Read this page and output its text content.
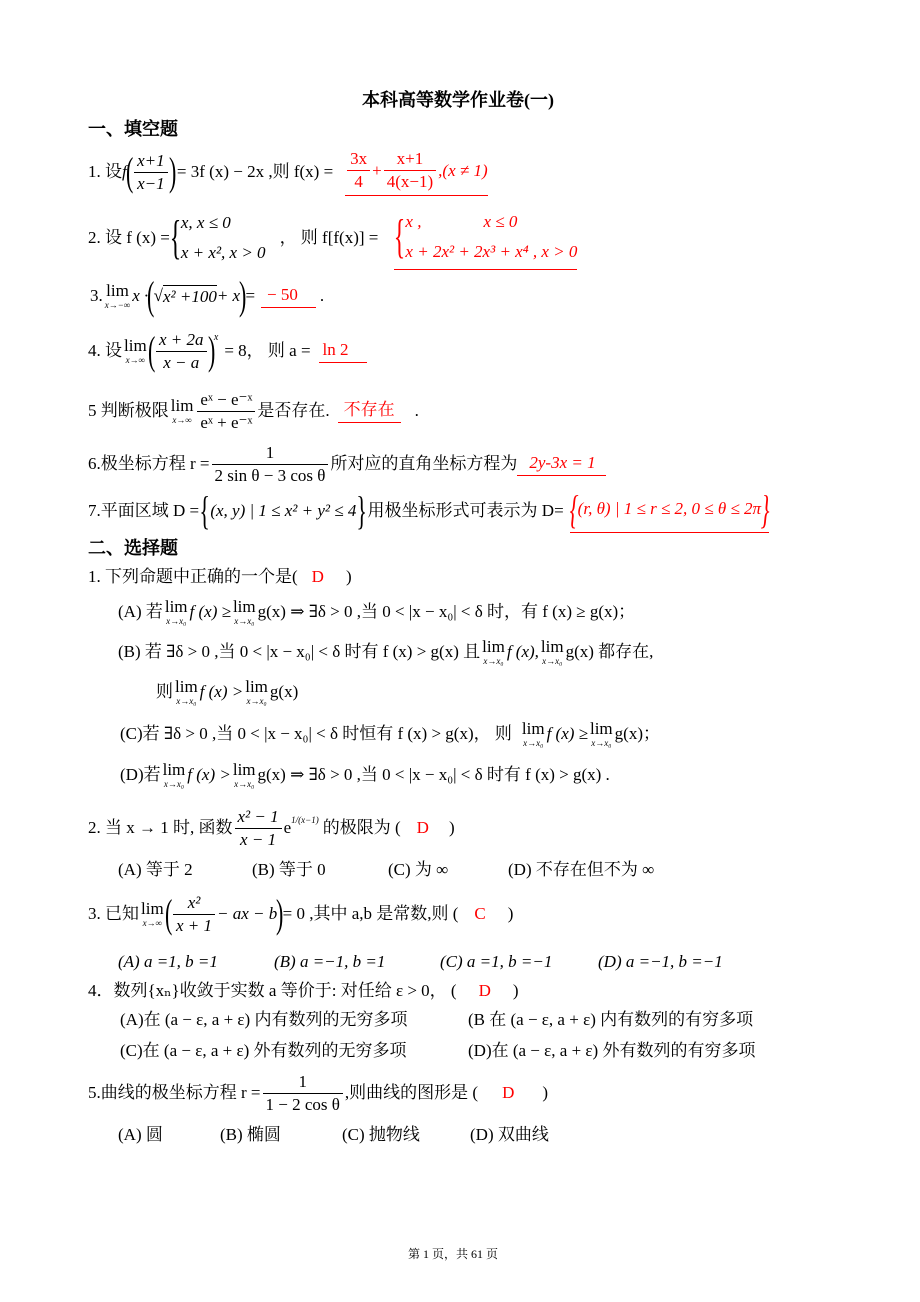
本科高等数学作业卷(一)
一、填空题
1. 设 f
( $\frac{x+1}{x-1}$ ) = 3f (x) − 2x ,则 $f(x) = \frac{3x}{4} + \frac{x+1}{4(x-1)} ,(x \ne 1)$
2. 设 f (x) = { x, x ≤ 0
x + x², x > 0
， 则 f[f(x)] = { x ,	x ≤ 0
x + 2x² + 2x³ + x⁴ , x > 0
3. lim
x→−∞ x ·
(
√ x² +100 + x
)
= − 50	.
4. 设 lim
x→∞ ( $\frac{x + 2a}{x - a}$ )
x
= 8， 则 a = ln 2
5 判断极限 lim
$x\to\infty \frac{\text{eˣ − e⁻ˣ}}{\text{eˣ + e⁻ˣ}}$ 是否存在. 不存在	.
6.极坐标方程 $r = \frac{1}{\text{2 sin θ − 3 cos θ}}$ 所对应的直角坐标方程为 2y-3x = 1
7.平面区域 D = { (x, y) | 1 ≤ x² + y² ≤ 4 } 用极坐标形式可表示为 D= {(r, θ) | 1 ≤ r ≤ 2, 0 ≤ θ ≤ 2π}
二、选择题
1. 下列命题中正确的一个是( D )
(A) 若 lim
x→x₀ f (x) ≥ lim
x→x₀ g(x) ⇒ ∃δ > 0 ,当 0 < |x − x₀| < δ 时，有 f (x) ≥ g(x)；
(B) 若 ∃δ > 0 ,当 0 < |x − x₀| < δ 时有 f (x) > g(x) 且 lim
x→x₀ f (x), lim
x→x₀ g(x) 都存在,
则 lim
x→x₀ f (x) > lim
x→x₀ g(x)
(C)若 ∃δ > 0 ,当 0 < |x − x₀| < δ 时恒有 f (x) > g(x)， 则 lim
x→x₀ f (x) ≥ lim
x→x₀ g(x)；
(D)若 lim
x→x₀ f (x) > lim
x→x₀ g(x) ⇒ ∃δ > 0 ,当 0 < |x − x₀| < δ 时有 f (x) > g(x) .
2. 当 x → 1 时, 函数 $\frac{\text{x² − 1}}{x - 1} e^{1/(x-1)}$ 的极限为 ( D )
(A) 等于 2	(B) 等于 0	(C) 为 ∞	(D) 不存在但不为 ∞
3. 已知 lim
x→∞ ( $\frac{\text{x²}}{x + 1}$ − ax − b
)
= 0 ,其中 a,b 是常数,则 ( C )
(A) a =1, b =1	(B) a =−1, b =1	(C) a =1, b =−1	(D) a =−1, b =−1
4．数列{xₙ}收敛于实数 a 等价于: 对任给 ε > 0， ( D )
(A)在 (a − ε, a + ε) 内有数列的无穷多项	(B 在 (a − ε, a + ε) 内有数列的有穷多项
(C)在 (a − ε, a + ε) 外有数列的无穷多项	(D)在 (a − ε, a + ε) 外有数列的有穷多项
5.曲线的极坐标方程 $r = \frac{1}{\text{1 − 2 cos θ}}$ ,则曲线的图形是 ( D )
(A) 圆	(B) 椭圆	(C) 抛物线	(D) 双曲线
第 1 页，共 61 页
